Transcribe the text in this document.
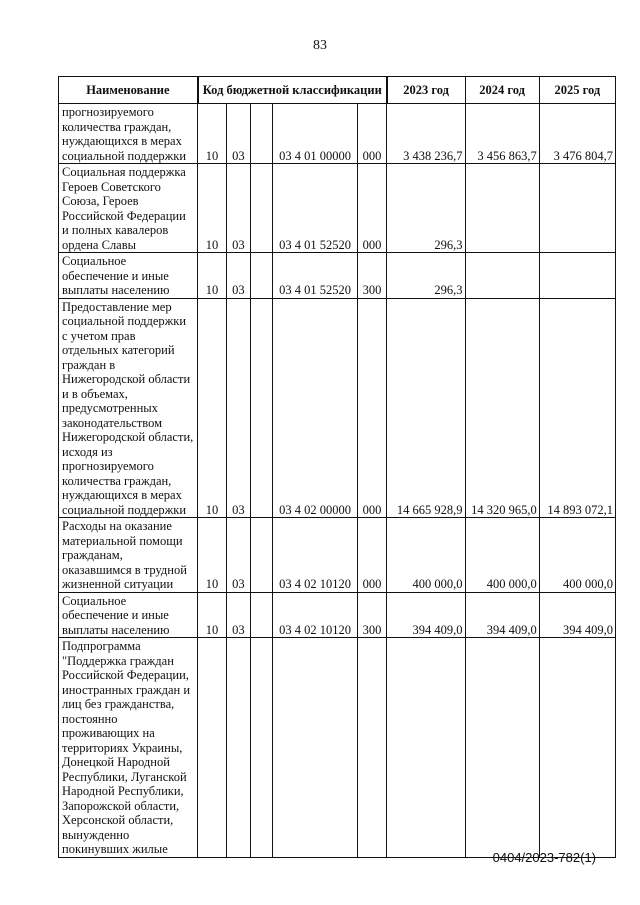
83
Наименование	Код бюджетной классификации					2023 год	2024 год	2025 год
прогнозируемого количества граждан, нуждающихся в мерах социальной поддержки	10	03		03 4 01 00000	000	3 438 236,7	3 456 863,7	3 476 804,7
Социальная поддержка Героев Советского Союза, Героев Российской Федерации и полных кавалеров ордена Славы	10	03		03 4 01 52520	000	296,3		
Социальное обеспечение и иные выплаты населению	10	03		03 4 01 52520	300	296,3		
Предоставление мер социальной поддержки с учетом прав отдельных категорий граждан в Нижегородской области и в объемах, предусмотренных законодательством Нижегородской области, исходя из прогнозируемого количества граждан, нуждающихся в мерах социальной поддержки	10	03		03 4 02 00000	000	14 665 928,9	14 320 965,0	14 893 072,1
Расходы на оказание материальной помощи гражданам, оказавшимся в трудной жизненной ситуации	10	03		03 4 02 10120	000	400 000,0	400 000,0	400 000,0
Социальное обеспечение и иные выплаты населению	10	03		03 4 02 10120	300	394 409,0	394 409,0	394 409,0
Подпрограмма "Поддержка граждан Российской Федерации, иностранных граждан и лиц без гражданства, постоянно проживающих на территориях Украины, Донецкой Народной Республики, Луганской Народной Республики, Запорожской области, Херсонской области, вынужденно покинувших жилые								
0404/2023-782(1)
